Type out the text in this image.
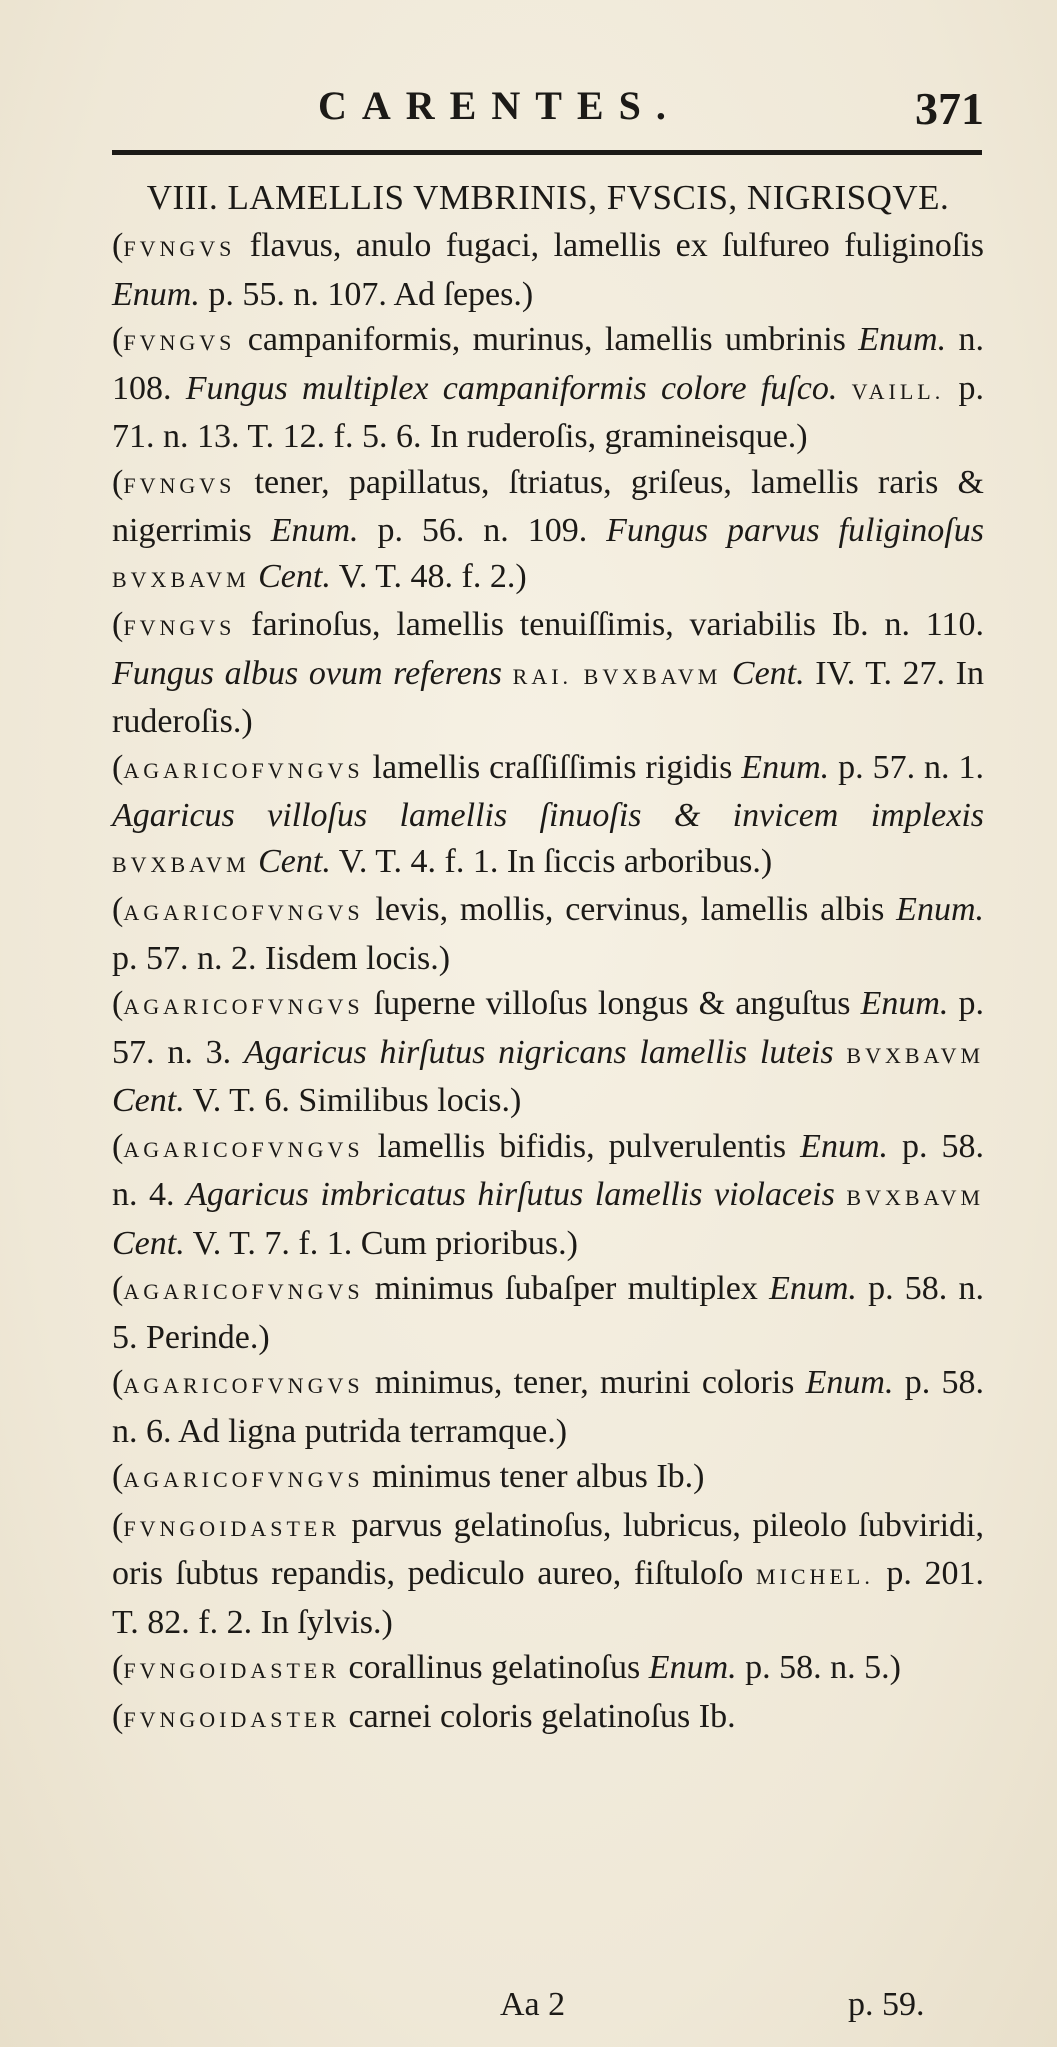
CARENTES.	371
VIII. LAMELLIS VMBRINIS, FVSCIS, NIGRISQVE.

(FVNGVS flavus, anulo fugaci, lamellis ex ſulfureo fuliginoſis Enum. p. 55. n. 107. Ad ſepes.)

(FVNGVS campaniformis, murinus, lamellis umbrinis Enum. n. 108. Fungus multiplex campaniformis colore fuſco. VAILL. p. 71. n. 13. T. 12. f. 5. 6. In ruderoſis, gramineisque.)

(FVNGVS tener, papillatus, ſtriatus, griſeus, lamellis raris & nigerrimis Enum. p. 56. n. 109. Fungus parvus fuliginoſus BVXBAVM Cent. V. T. 48. f. 2.)

(FVNGVS farinoſus, lamellis tenuiſſimis, variabilis Ib. n. 110. Fungus albus ovum referens RAI. BVXBAVM Cent. IV. T. 27. In ruderoſis.)

(AGARICOFVNGVS lamellis craſſiſſimis rigidis Enum. p. 57. n. 1. Agaricus villoſus lamellis ſinuoſis & invicem implexis BVXBAVM Cent. V. T. 4. f. 1. In ſiccis arboribus.)

(AGARICOFVNGVS levis, mollis, cervinus, lamellis albis Enum. p. 57. n. 2. Iisdem locis.)

(AGARICOFVNGVS ſuperne villoſus longus & anguſtus Enum. p. 57. n. 3. Agaricus hirſutus nigricans lamellis luteis BVXBAVM Cent. V. T. 6. Similibus locis.)

(AGARICOFVNGVS lamellis bifidis, pulverulentis Enum. p. 58. n. 4. Agaricus imbricatus hirſutus lamellis violaceis BVXBAVM Cent. V. T. 7. f. 1. Cum prioribus.)

(AGARICOFVNGVS minimus ſubaſper multiplex Enum. p. 58. n. 5. Perinde.)

(AGARICOFVNGVS minimus, tener, murini coloris Enum. p. 58. n. 6. Ad ligna putrida terramque.)

(AGARICOFVNGVS minimus tener albus Ib.)

(FVNGOIDASTER parvus gelatinoſus, lubricus, pileolo ſubviridi, oris ſubtus repandis, pediculo aureo, fiſtuloſo MICHEL. p. 201. T. 82. f. 2. In ſylvis.)

(FVNGOIDASTER corallinus gelatinoſus Enum. p. 58. n. 5.)

(FVNGOIDASTER carnei coloris gelatinoſus Ib.

Aa 2	p. 59.
